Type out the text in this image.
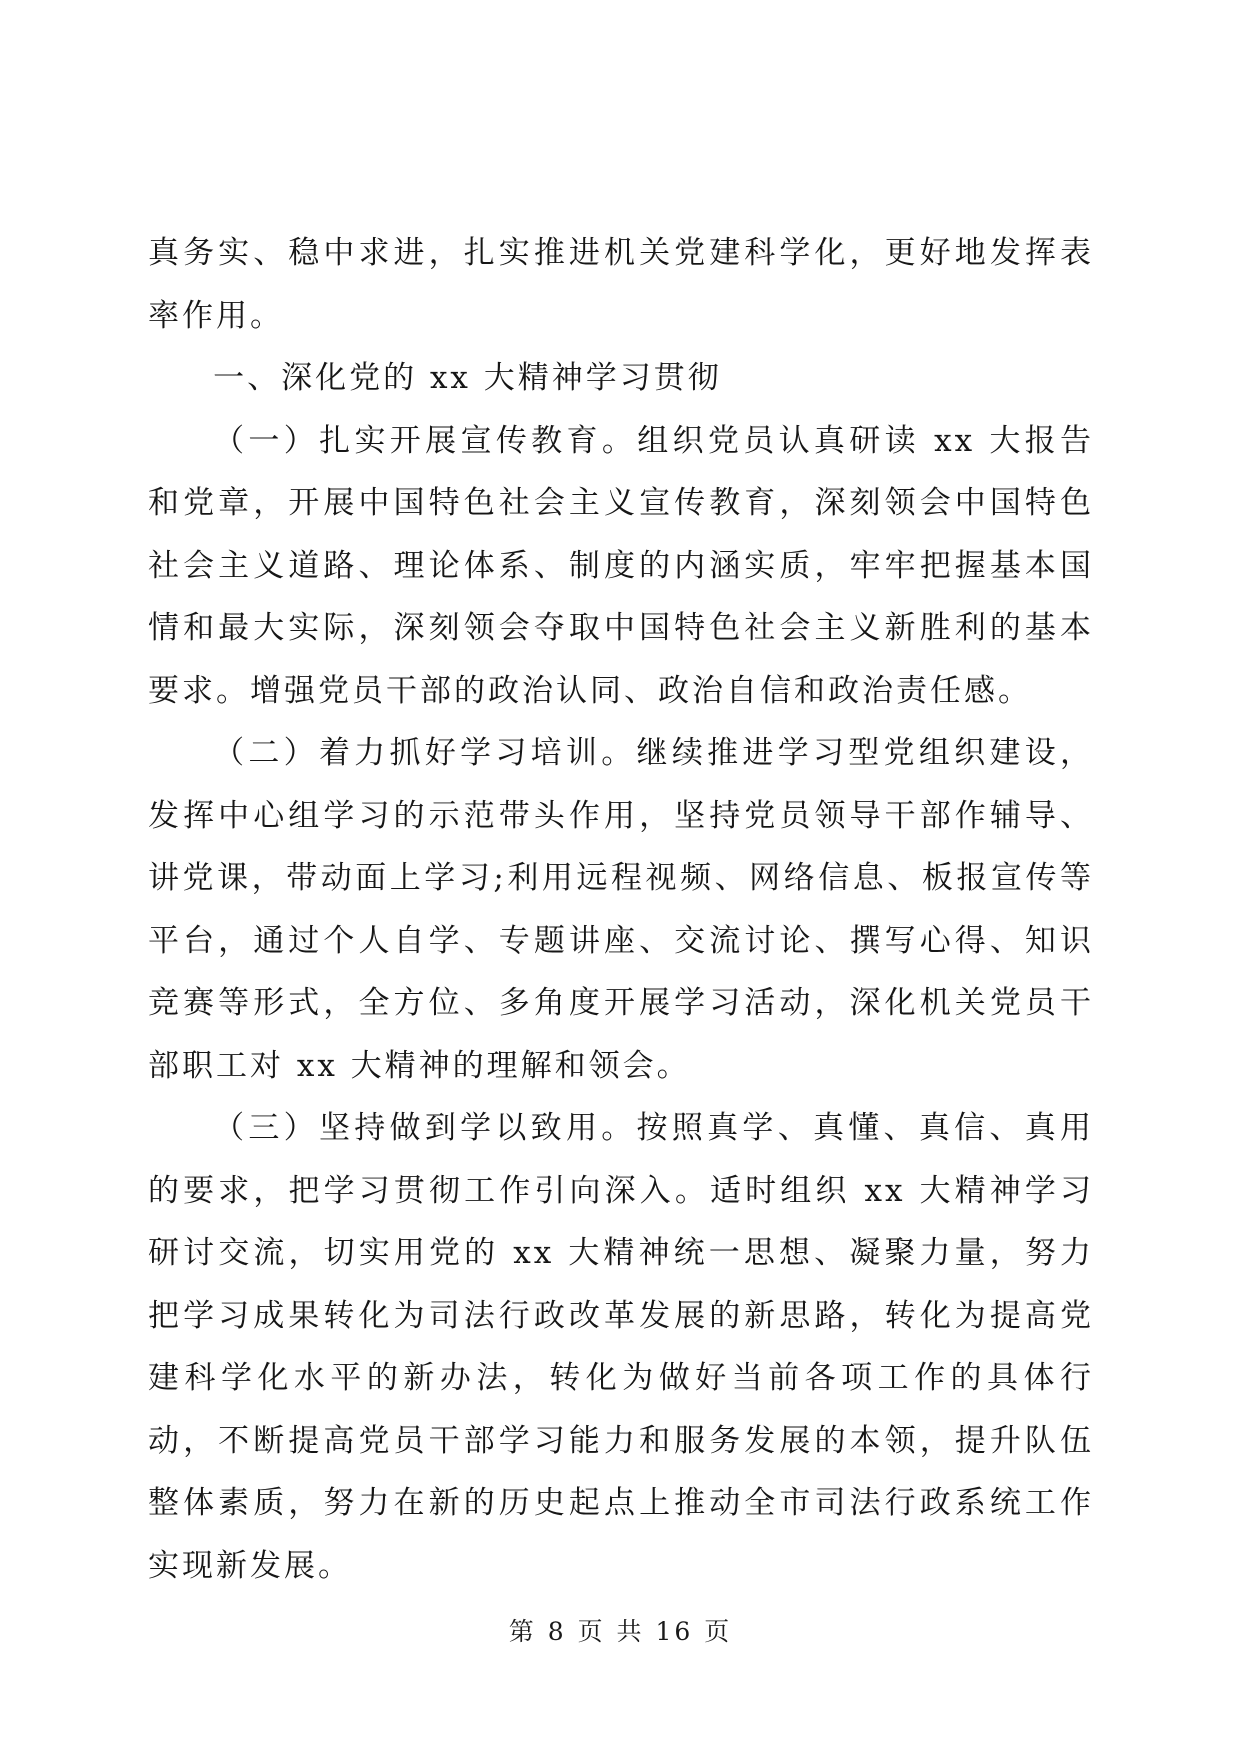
真务实、稳中求进，扎实推进机关党建科学化，更好地发挥表率作用。

一、深化党的 xx 大精神学习贯彻

（一）扎实开展宣传教育。组织党员认真研读 xx 大报告和党章，开展中国特色社会主义宣传教育，深刻领会中国特色社会主义道路、理论体系、制度的内涵实质，牢牢把握基本国情和最大实际，深刻领会夺取中国特色社会主义新胜利的基本要求。增强党员干部的政治认同、政治自信和政治责任感。

（二）着力抓好学习培训。继续推进学习型党组织建设，发挥中心组学习的示范带头作用，坚持党员领导干部作辅导、讲党课，带动面上学习;利用远程视频、网络信息、板报宣传等平台，通过个人自学、专题讲座、交流讨论、撰写心得、知识竞赛等形式，全方位、多角度开展学习活动，深化机关党员干部职工对 xx 大精神的理解和领会。

（三）坚持做到学以致用。按照真学、真懂、真信、真用的要求，把学习贯彻工作引向深入。适时组织 xx 大精神学习研讨交流，切实用党的 xx 大精神统一思想、凝聚力量，努力把学习成果转化为司法行政改革发展的新思路，转化为提高党建科学化水平的新办法，转化为做好当前各项工作的具体行动，不断提高党员干部学习能力和服务发展的本领，提升队伍整体素质，努力在新的历史起点上推动全市司法行政系统工作实现新发展。

第 8 页 共 16 页
